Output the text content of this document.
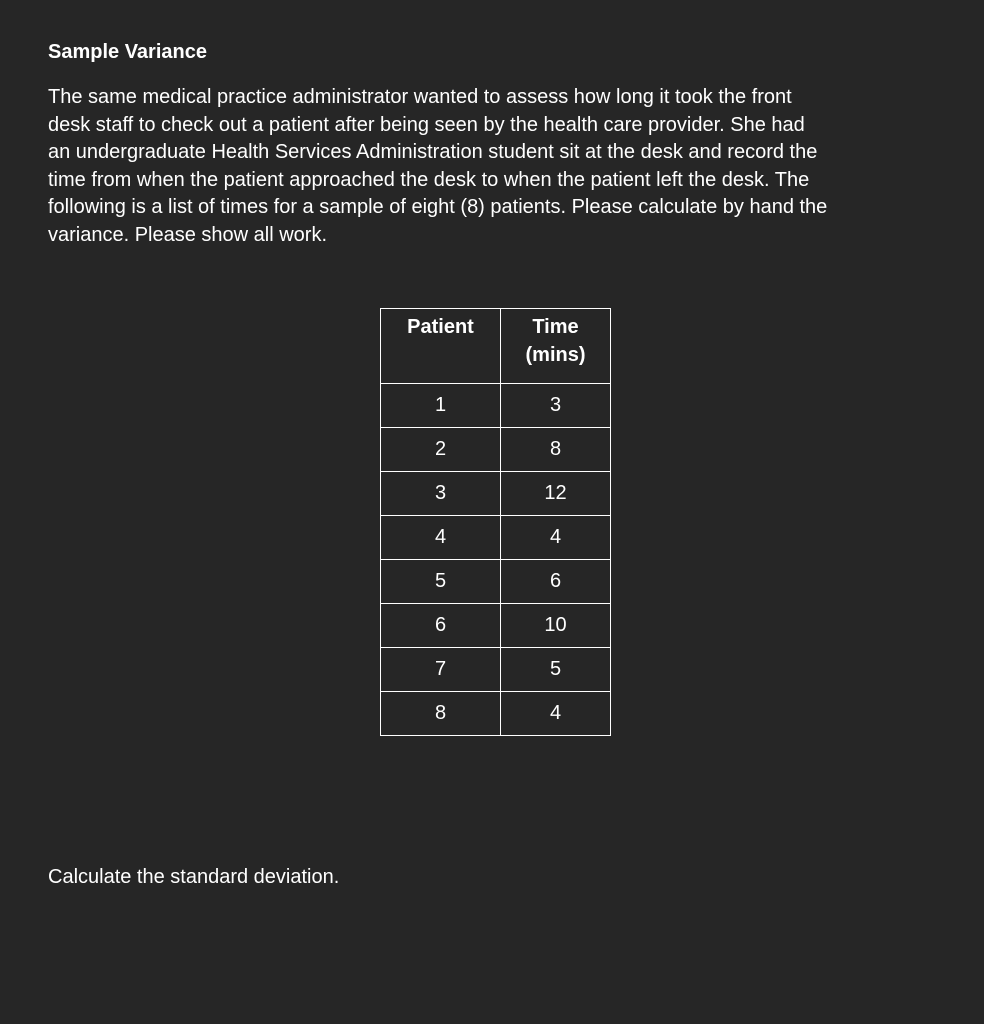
Sample Variance
The same medical practice administrator wanted to assess how long it took the front
desk staff to check out a patient after being seen by the health care provider. She had
an undergraduate Health Services Administration student sit at the desk and record the
time from when the patient approached the desk to when the patient left the desk. The
following is a list of times for a sample of eight (8) patients. Please calculate by hand the
variance. Please show all work.
Patient	Time
(mins)

1	3
2	8
3	12
4	4
5	6
6	10
7	5
8	4
Calculate the standard deviation.
